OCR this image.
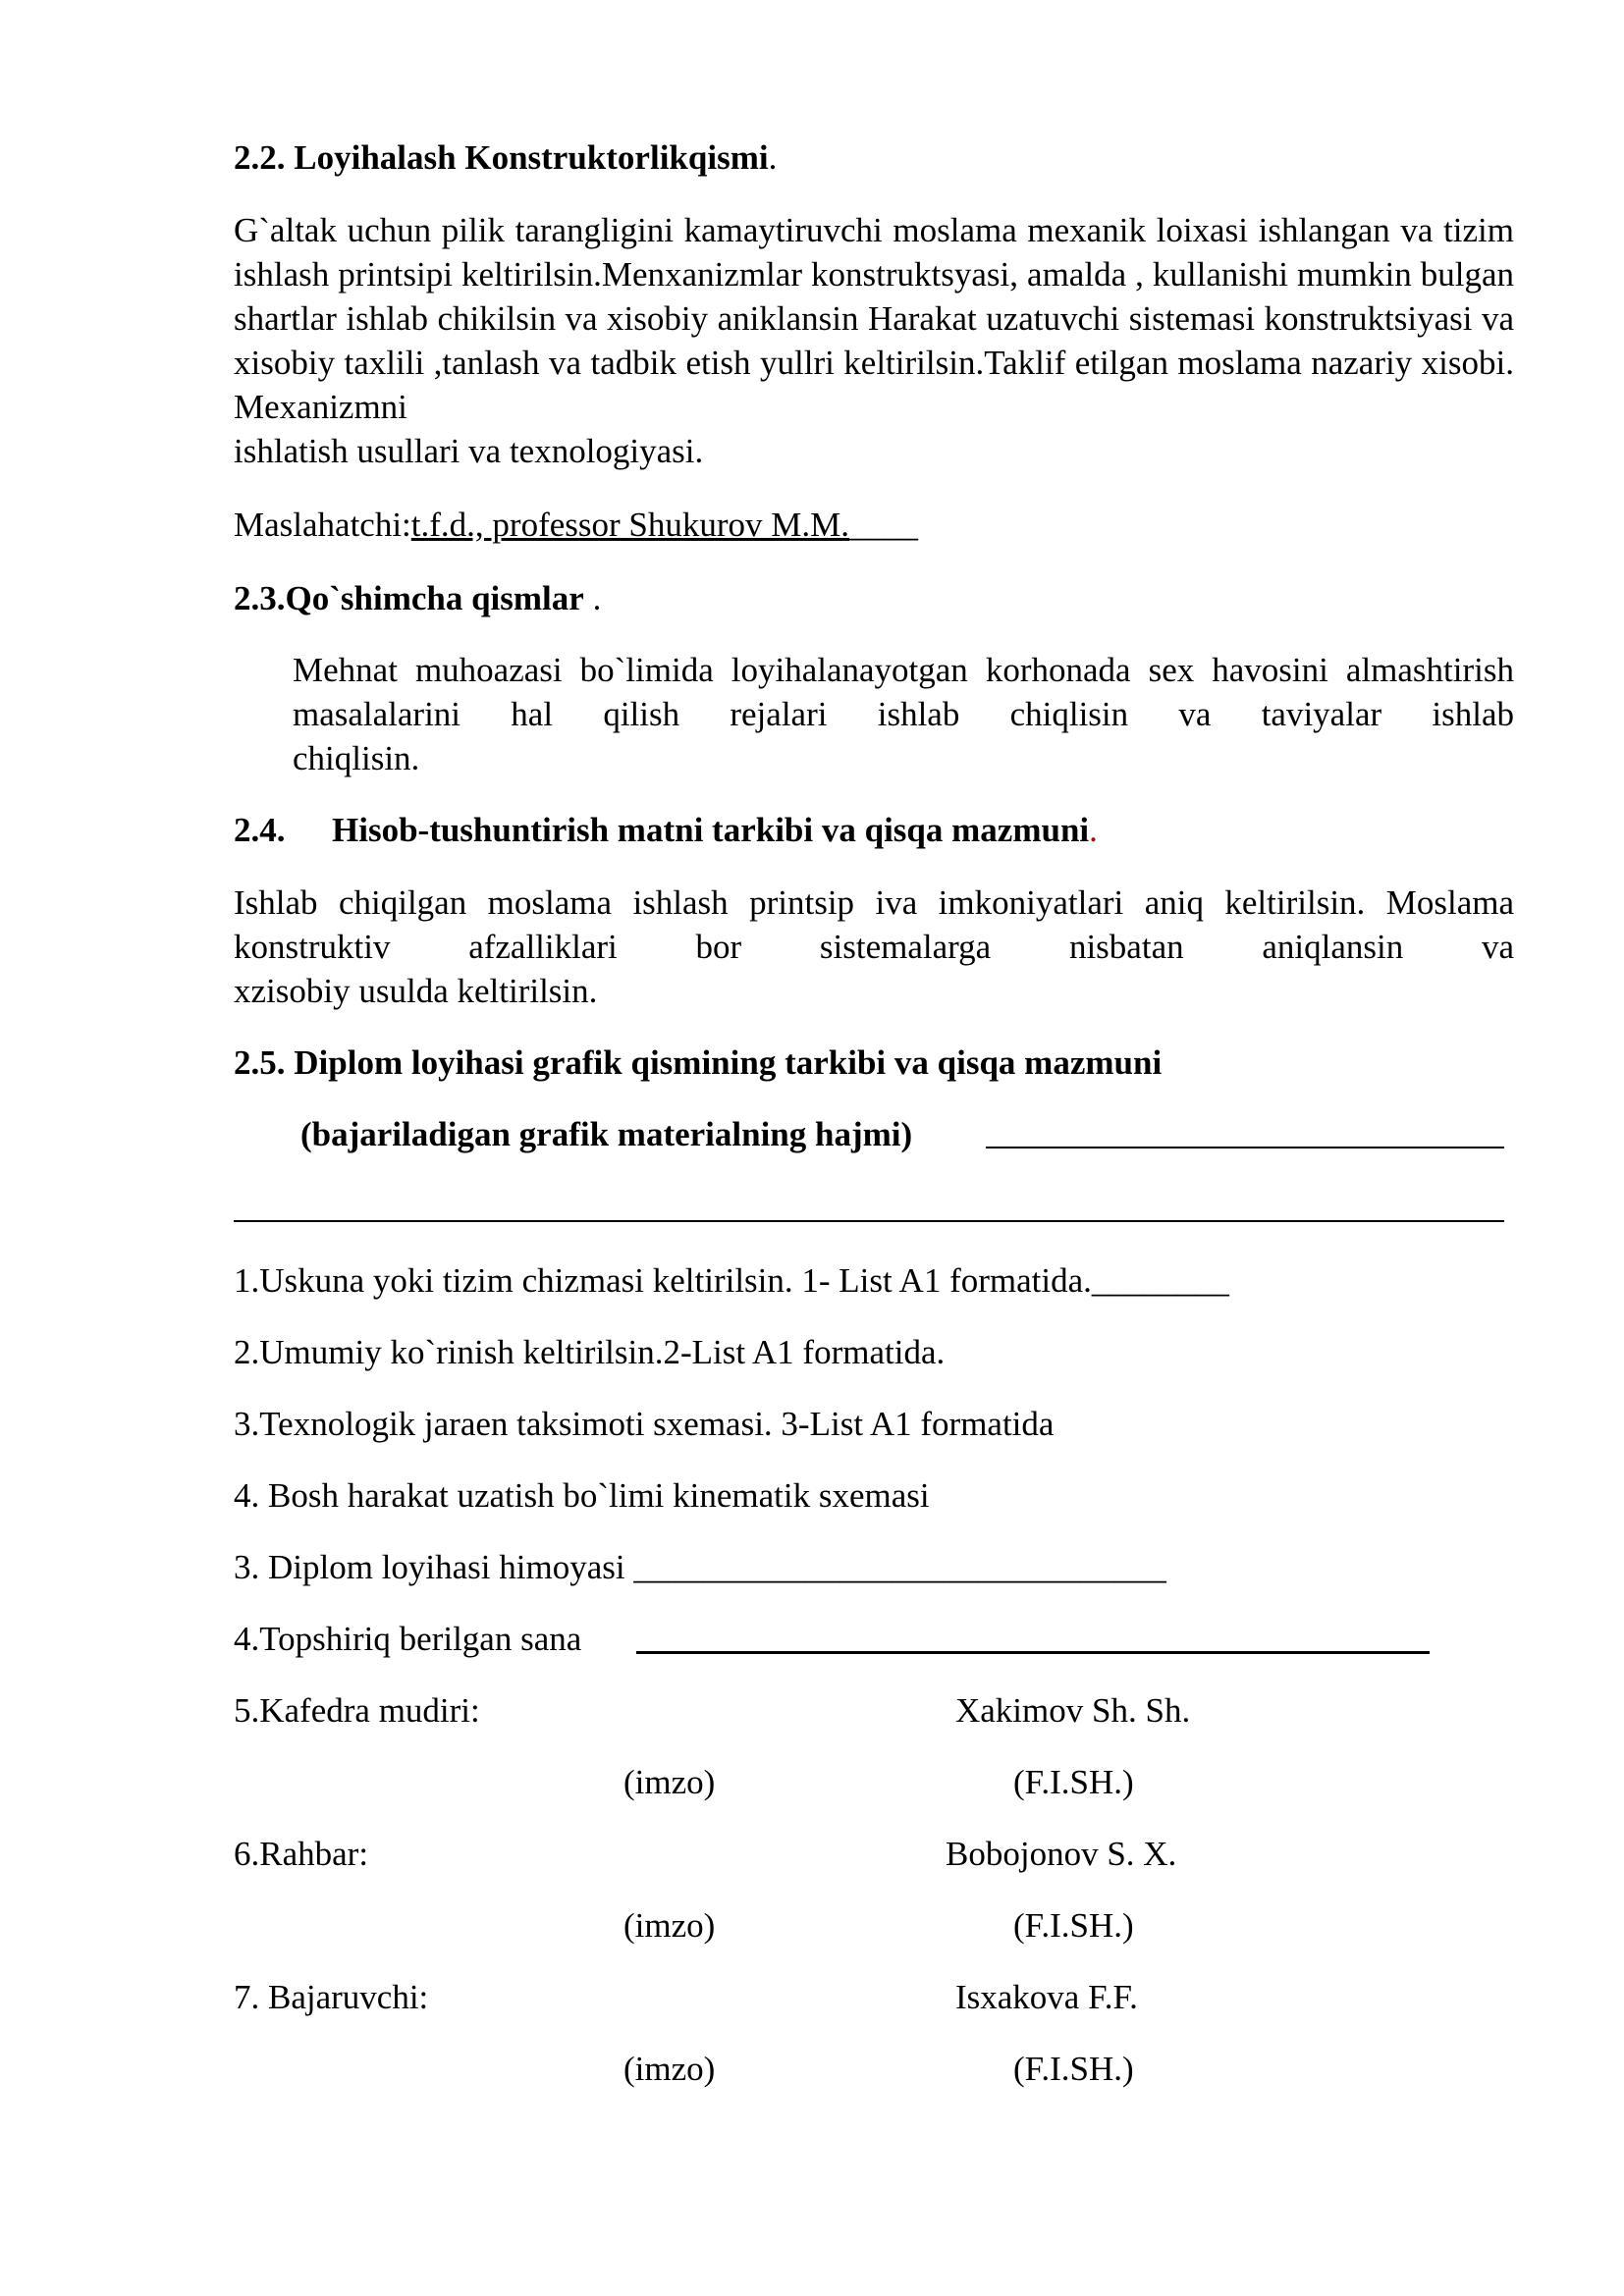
2.2. Loyihalash Konstruktorlikqismi.
G`altak uchun pilik tarangligini kamaytiruvchi moslama mexanik loixasi ishlangan va tizim ishlash printsipi keltirilsin.Menxanizmlar konstruktsyasi, amalda , kullanishi mumkin bulgan shartlar ishlab chikilsin va xisobiy aniklansin Harakat uzatuvchi sistemasi konstruktsiyasi va xisobiy taxlili ,tanlash va tadbik etish yullri keltirilsin.Taklif etilgan moslama nazariy xisobi. Mexanizmni
ishlatish usullari va texnologiyasi.
Maslahatchi:t.f.d., professor Shukurov M.M.____
2.3.Qo`shimcha qismlar .
Mehnat muhoazasi bo`limida loyihalanayotgan korhonada sex havosini almashtirish masalalarini hal qilish rejalari ishlab chiqlisin va taviyalar ishlab
chiqlisin.
2.4. Hisob-tushuntirish matni tarkibi va qisqa mazmuni.
Ishlab chiqilgan moslama ishlash printsip iva imkoniyatlari aniq keltirilsin. Moslama konstruktiv afzalliklari bor sistemalarga nisbatan aniqlansin va
xzisobiy usulda keltirilsin.
2.5. Diplom loyihasi grafik qismining tarkibi va qisqa mazmuni
(bajariladigan grafik materialning hajmi)
1.Uskuna yoki tizim chizmasi keltirilsin. 1- List A1 formatida.________
2.Umumiy ko`rinish keltirilsin.2-List A1 formatida.
3.Texnologik jaraen taksimoti sxemasi. 3-List A1 formatida
4. Bosh harakat uzatish bo`limi kinematik sxemasi
3. Diplom loyihasi himoyasi _______________________________
4.Topshiriq berilgan sana
5.Kafedra mudiri:	Xakimov Sh. Sh.
(imzo)	(F.I.SH.)
6.Rahbar:	Bobojonov S. X.
(imzo)	(F.I.SH.)
7. Bajaruvchi:	Isxakova F.F.
(imzo)	(F.I.SH.)
